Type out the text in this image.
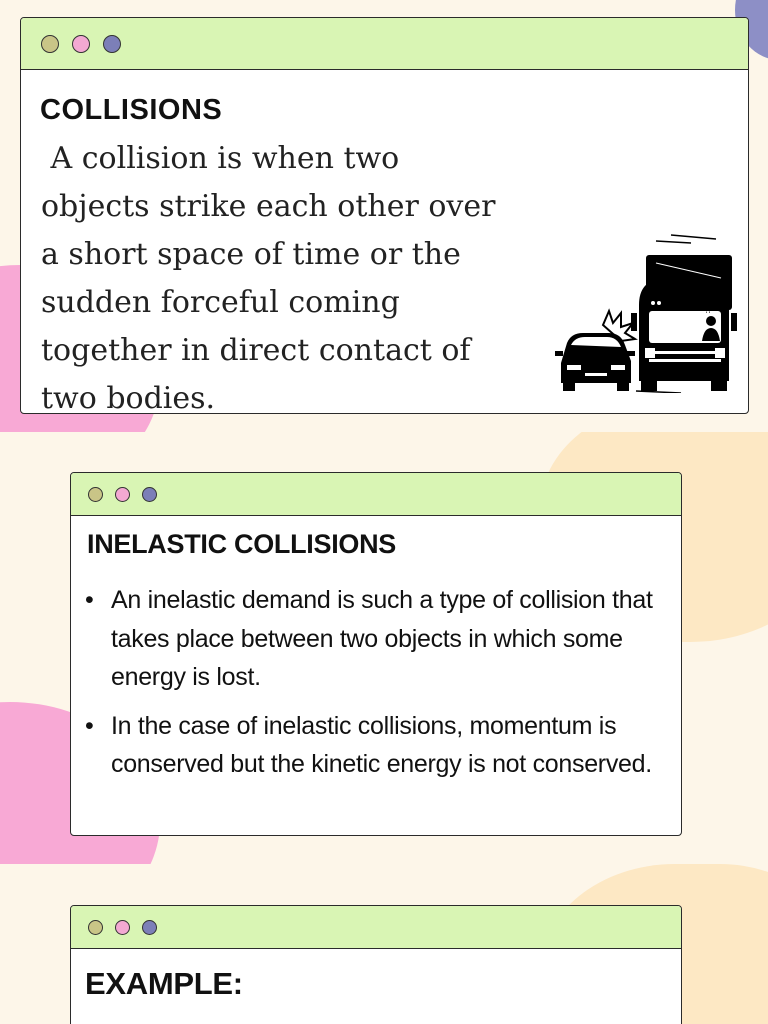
COLLISIONS

A collision is when two
objects strike each other over
a short space of time or the
sudden forceful coming
together in direct contact of
two bodies.

!?
INELASTIC COLLISIONS
• An inelastic demand is such a type of collision that takes place between two objects in which some energy is lost.
• In the case of inelastic collisions, momentum is conserved but the kinetic energy is not conserved.
EXAMPLE:
